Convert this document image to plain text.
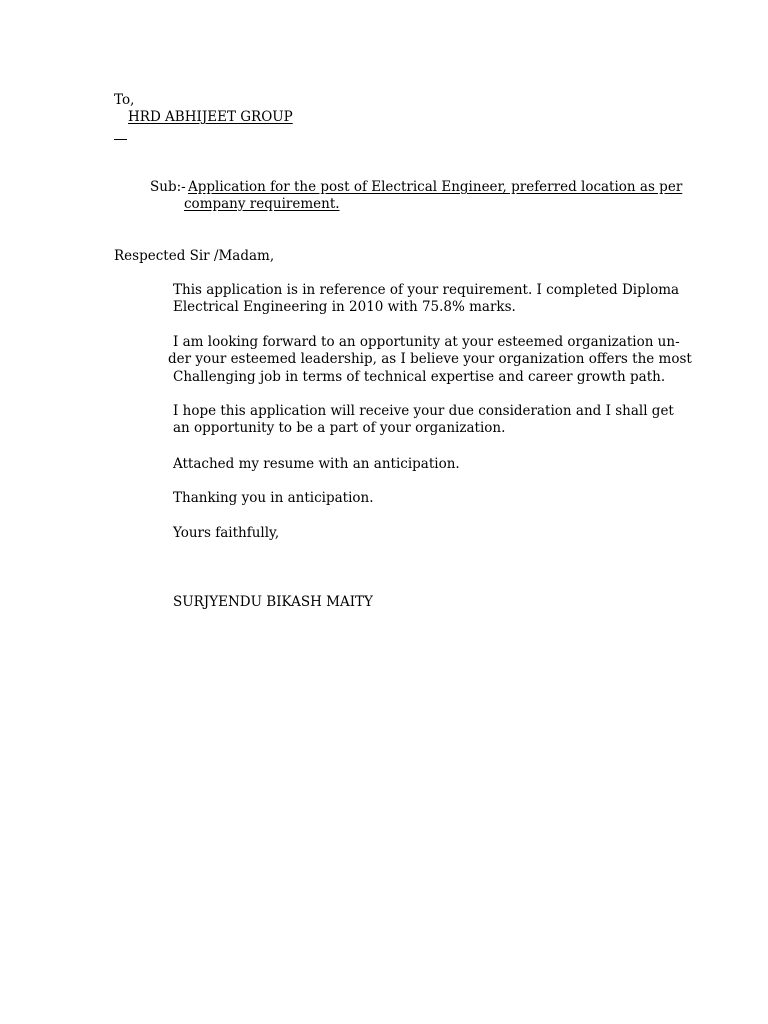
To,
HRD ABHIJEET GROUP
Sub:- Application for the post of Electrical Engineer, preferred location as per
company requirement.
Respected Sir /Madam,
This application is in reference of your requirement. I completed Diploma
Electrical Engineering in 2010 with 75.8% marks.
I am looking forward to an opportunity at your esteemed organization un-
der your esteemed leadership, as I believe your organization offers the most
Challenging job in terms of technical expertise and career growth path.
I hope this application will receive your due consideration and I shall get
an opportunity to be a part of your organization.
Attached my resume with an anticipation.
Thanking you in anticipation.
Yours faithfully,
SURJYENDU BIKASH MAITY
